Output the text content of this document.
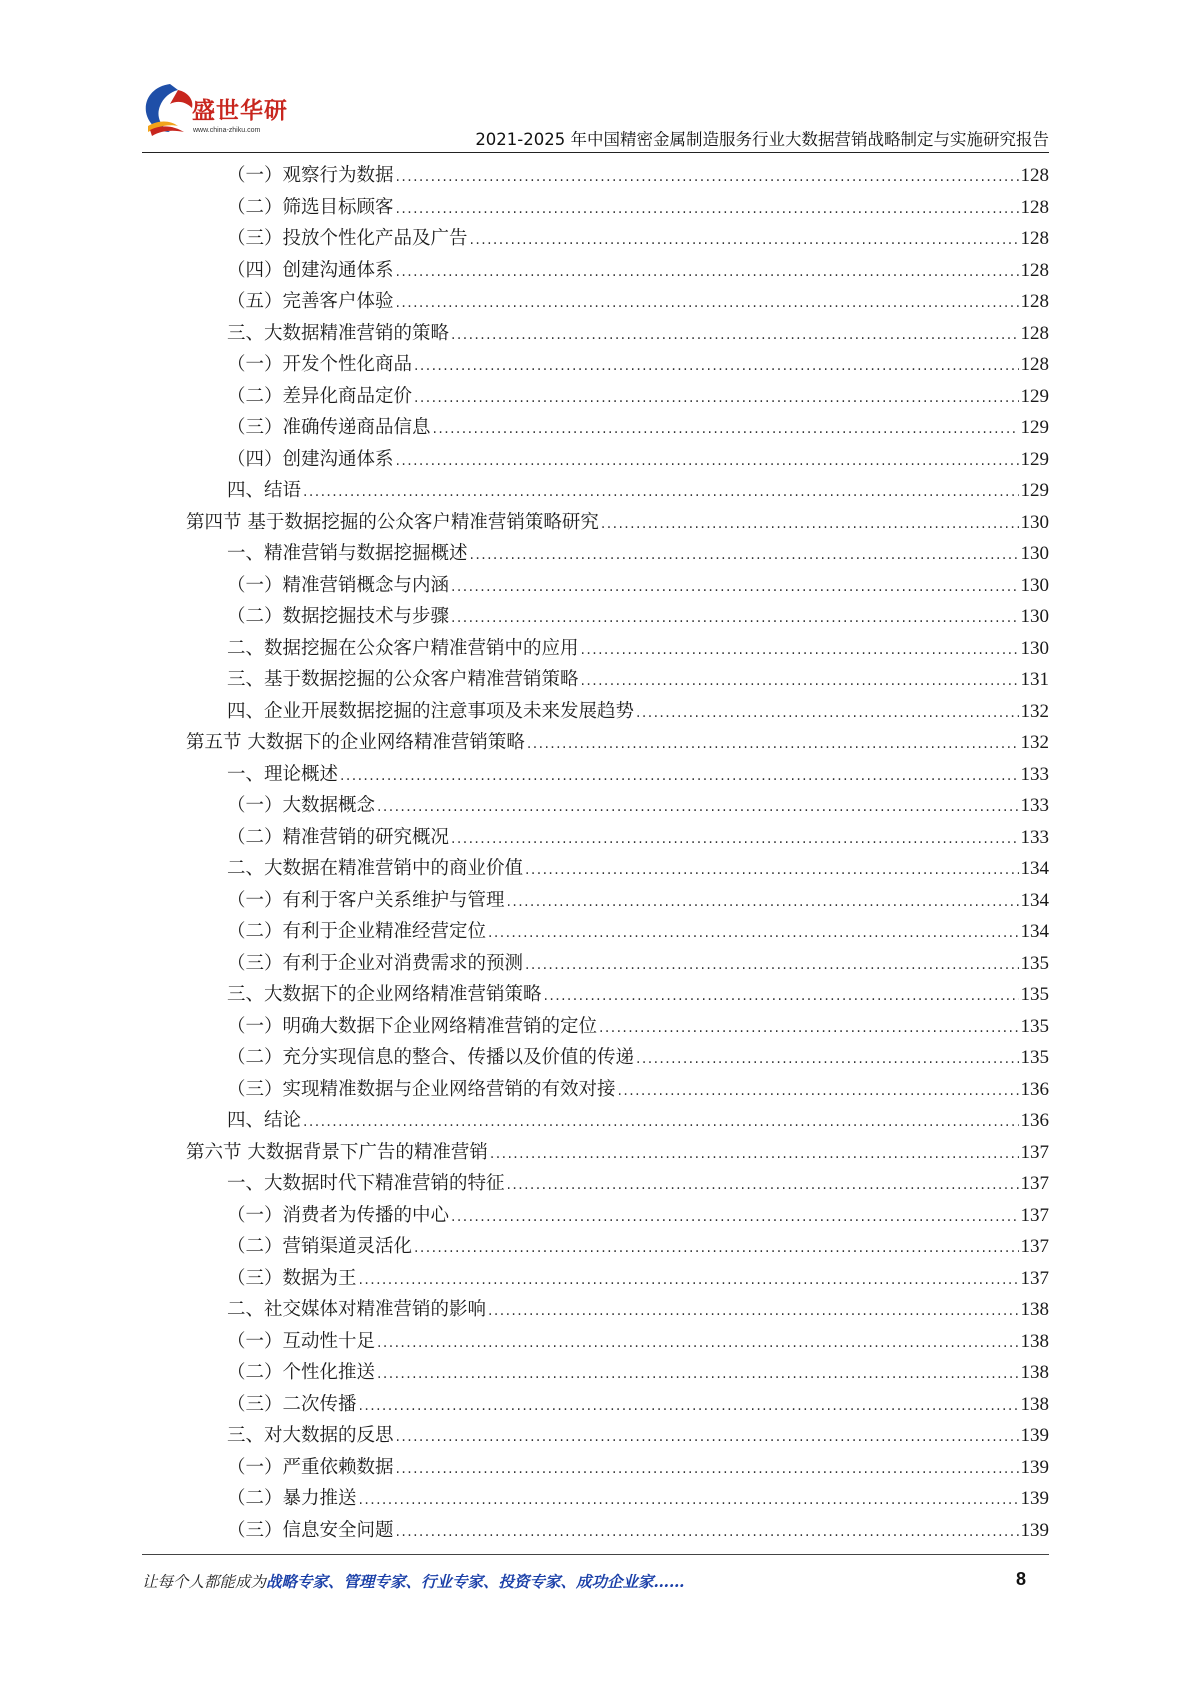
盛世华研
www.china-zhiku.com	2021-2025 年中国精密金属制造服务行业大数据营销战略制定与实施研究报告
（一）观察行为数据 .....	128
（二）筛选目标顾客 .....	128
（三）投放个性化产品及广告 .....	128
（四）创建沟通体系 .....	128
（五）完善客户体验 .....	128
三、大数据精准营销的策略 .....	128
（一）开发个性化商品 .....	128
（二）差异化商品定价 .....	129
（三）准确传递商品信息 .....	129
（四）创建沟通体系 .....	129
四、结语 .....	129
第四节 基于数据挖掘的公众客户精准营销策略研究 .....	130
一、精准营销与数据挖掘概述 .....	130
（一）精准营销概念与内涵 .....	130
（二）数据挖掘技术与步骤 .....	130
二、数据挖掘在公众客户精准营销中的应用 .....	130
三、基于数据挖掘的公众客户精准营销策略 .....	131
四、企业开展数据挖掘的注意事项及未来发展趋势 .....	132
第五节 大数据下的企业网络精准营销策略 .....	132
一、理论概述 .....	133
（一）大数据概念 .....	133
（二）精准营销的研究概况 .....	133
二、大数据在精准营销中的商业价值 .....	134
（一）有利于客户关系维护与管理 .....	134
（二）有利于企业精准经营定位 .....	134
（三）有利于企业对消费需求的预测 .....	135
三、大数据下的企业网络精准营销策略 .....	135
（一）明确大数据下企业网络精准营销的定位 .....	135
（二）充分实现信息的整合、传播以及价值的传递 .....	135
（三）实现精准数据与企业网络营销的有效对接 .....	136
四、结论 .....	136
第六节 大数据背景下广告的精准营销 .....	137
一、大数据时代下精准营销的特征 .....	137
（一）消费者为传播的中心 .....	137
（二）营销渠道灵活化 .....	137
（三）数据为王 .....	137
二、社交媒体对精准营销的影响 .....	138
（一）互动性十足 .....	138
（二）个性化推送 .....	138
（三）二次传播 .....	138
三、对大数据的反思 .....	139
（一）严重依赖数据 .....	139
（二）暴力推送 .....	139
（三）信息安全问题 .....	139
让每个人都能成为战略专家、管理专家、行业专家、投资专家、成功企业家……	8
